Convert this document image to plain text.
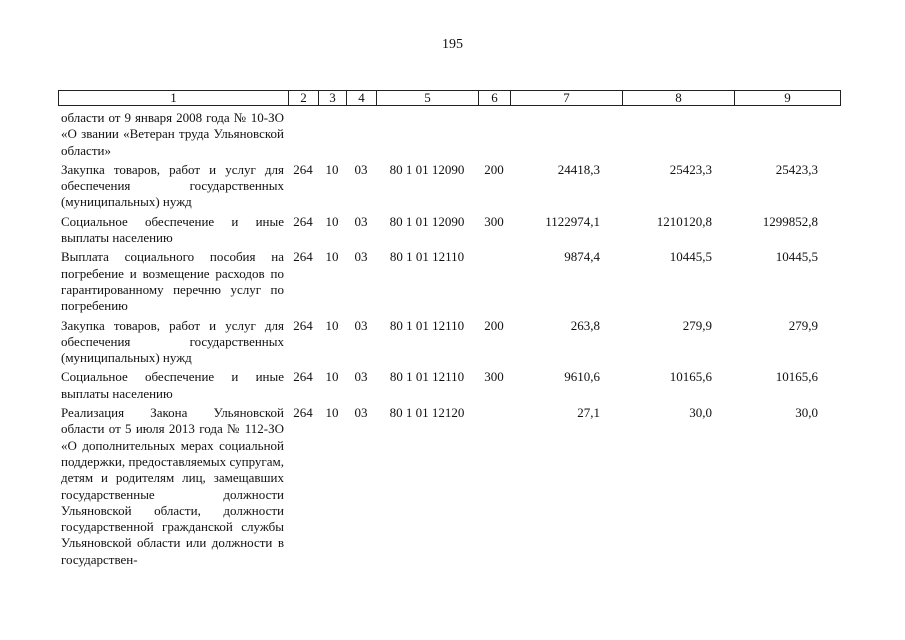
195
1	2	3	4	5	6	7	8	9
области от 9 января 2008 года № 10-ЗО «О звании «Ветеран труда Ульяновской области»								
Закупка товаров, работ и услуг для обеспечения государственных (муниципальных) нужд	264	10	03	80 1 01 12090	200	24418,3	25423,3	25423,3
Социальное обеспечение и иные выплаты населению	264	10	03	80 1 01 12090	300	1122974,1	1210120,8	1299852,8
Выплата социального пособия на погребение и возмещение расходов по гарантированному перечню услуг по погребению	264	10	03	80 1 01 12110		9874,4	10445,5	10445,5
Закупка товаров, работ и услуг для обеспечения государственных (муниципальных) нужд	264	10	03	80 1 01 12110	200	263,8	279,9	279,9
Социальное обеспечение и иные выплаты населению	264	10	03	80 1 01 12110	300	9610,6	10165,6	10165,6
Реализация Закона Ульяновской области от 5 июля 2013 года № 112-ЗО «О дополнительных мерах социальной поддержки, предоставляемых супругам, детям и родителям лиц, замещавших государственные должности Ульяновской области, должности государственной гражданской службы Ульяновской области или должности в государствен-	264	10	03	80 1 01 12120		27,1	30,0	30,0
